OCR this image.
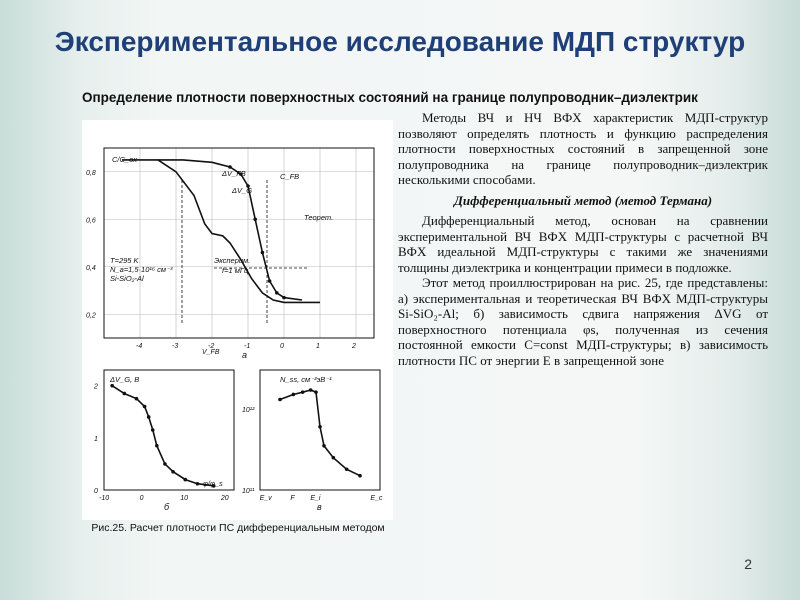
Экспериментальное исследование МДП структур
Определение плотности поверхностных состояний на границе полупроводник–диэлектрик
C/C_ox
0,8
0,6
0,4
0,2
-4	-3	-2	-1	0	1	2
V_FB а
C_FB
ΔV_FB
ΔV_G
Теорет.
Эксперим.
f=1 мГц
T=295 K
N_a=1,5·10¹⁶ см⁻³
Si-SiO₂-Al
ΔV_G, В
2
1
0
-10	0	10	20
φ/φ_s
б
N_ss, см⁻²эВ⁻¹
10¹²
10¹¹
E_v	F E_i	E_c
в
Рис.25. Расчет плотности ПС дифференциальным методом

Методы ВЧ и НЧ ВФХ характеристик МДП-структур позволяют определять плотность и функцию распределения плотности поверхностных состояний в запрещенной зоне полупроводника на границе полупроводник–диэлектрик несколькими способами.

Дифференциальный метод (метод Термана)

Дифференциальный метод, основан на сравнении экспериментальной ВЧ ВФХ МДП-структуры с расчетной ВЧ ВФХ идеальной МДП-структуры с такими же значениями толщины диэлектрика и концентрации примеси в подложке.

Этот метод проиллюстрирован на рис. 25, где представлены: а) экспериментальная и теоретическая ВЧ ВФХ МДП-структуры Si-SiO₂-Al; б) зависимость сдвига напряжения ΔVG от поверхностного потенциала φs, полученная из сечения постоянной емкости C=const МДП-структуры; в) зависимость плотности ПС от энергии E в запрещенной зоне

2
